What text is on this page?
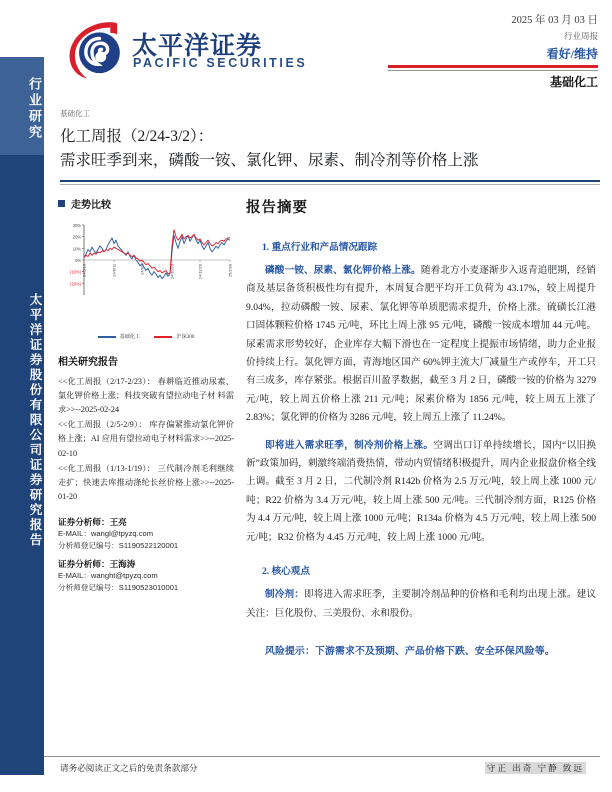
行业研究
太平洋证券股份有限公司证券研究报告
太平洋证券
PACIFIC SECURITIES
2025 年 03 月 03 日
行业周报
看好/维持
基础化工
基础化工
化工周报（2/24-3/2）：
需求旺季到来，磷酸一铵、氯化钾、尿素、制冷剂等价格上涨
走势比较
30%
20%
10%
0%
(10%)
(20%)
24/3/18	24/6/11	24/8/9	24/10/29	24/12/26	25/2/28
基础化工	沪深300
相关研究报告
<<化工周报（2/17-2/23）： 春耕临近推动尿素、氯化钾价格上涨；科技突破有望拉动电子材 料需求>>--2025-02-24
<<化工周报（2/5-2/9）： 库存偏紧推动氯化钾价格上涨；AI 应用有望拉动电子材料需求>>--2025-02-10
<<化工周报（1/13-1/19）： 三代制冷剂毛利继续走扩；快速去库推动涤纶长丝价格上涨>>--2025-01-20
证券分析师：王亮
E-MAIL：wangl@tpyzq.com
分析师登记编号：S1190522120001
证券分析师：王海涛
E-MAIL：wanght@tpyzq.com
分析师登记编号：S1190523010001
报告摘要
1. 重点行业和产品情况跟踪
磷酸一铵、尿素、氯化钾价格上涨。随着北方小麦逐渐步入返青追肥期，经销商及基层备货积极性均有提升，本周复合肥平均开工负荷为 43.17%，较上周提升 9.04%，拉动磷酸一铵、尿素、氯化钾等单质肥需求提升，价格上涨。硫磺长江港口固体颗粒价格 1745 元/吨，环比上周上涨 95 元/吨，磷酸一铵成本增加 44 元/吨。尿素需求形势较好，企业库存大幅下滑也在一定程度上提振市场情绪，助力企业报价持续上行。氯化钾方面，青海地区国产 60%钾主流大厂减量生产或停车，开工只有三成多，库存紧张。根据百川盈孚数据，截至 3 月 2 日，磷酸一铵的价格为 3279 元/吨，较上周五价格上涨 211 元/吨；尿素价格为 1856 元/吨，较上周五上涨了 2.83%；氯化钾的价格为 3286 元/吨，较上周五上涨了 11.24%。
即将进入需求旺季，制冷剂价格上涨。空调出口订单持续增长，国内“以旧换新”政策加码，刺激终端消费热情，带动内贸情绪积极提升，周内企业报盘价格全线上调。截至 3 月 2 日，二代制冷剂 R142b 价格为 2.5 万元/吨，较上周上涨 1000 元/吨；R22 价格为 3.4 万元/吨，较上周上涨 500 元/吨。三代制冷剂方面，R125 价格为 4.4 万元/吨，较上周上涨 1000 元/吨；R134a 价格为 4.5 万元/吨，较上周上涨 500 元/吨；R32 价格为 4.45 万元/吨，较上周上涨 1000 元/吨。
2. 核心观点
制冷剂：即将进入需求旺季，主要制冷剂品种的价格和毛利均出现上涨。建议关注：巨化股份、三美股份、永和股份。
风险提示：下游需求不及预期、产品价格下跌、安全环保风险等。
请务必阅读正文之后的免责条款部分	守正 出奇 宁静 致远
